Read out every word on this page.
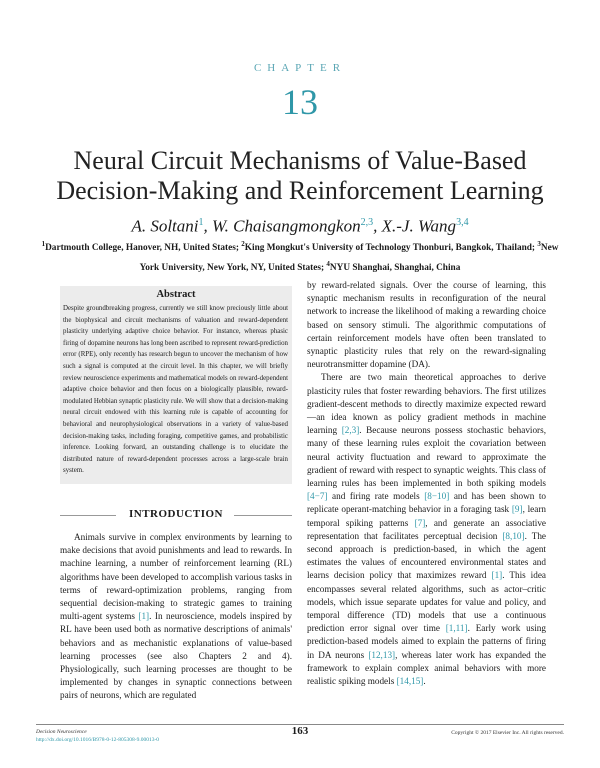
CHAPTER
13
Neural Circuit Mechanisms of Value-Based
Decision-Making and Reinforcement Learning
A. Soltani$^1$, W. Chaisangmongkon$^{2,3}$, X.-J. Wang$^{3,4}$
$^1$Dartmouth College, Hanover, NH, United States; $^2$King Mongkut's University of Technology Thonburi, Bangkok, Thailand; $^3$New York University, New York, NY, United States; $^4$NYU Shanghai, Shanghai, China
Abstract
Despite groundbreaking progress, currently we still know preciously little about the biophysical and circuit mechanisms of valuation and reward-dependent plasticity underlying adaptive choice behavior. For instance, whereas phasic firing of dopamine neurons has long been ascribed to represent reward-prediction error (RPE), only recently has research begun to uncover the mechanism of how such a signal is computed at the circuit level. In this chapter, we will briefly review neuroscience experiments and mathematical models on reward-dependent adaptive choice behavior and then focus on a biologically plausible, reward-modulated Hebbian synaptic plasticity rule. We will show that a decision-making neural circuit endowed with this learning rule is capable of accounting for behavioral and neurophysiological observations in a variety of value-based decision-making tasks, including foraging, competitive games, and probabilistic inference. Looking forward, an outstanding challenge is to elucidate the distributed nature of reward-dependent processes across a large-scale brain system.
INTRODUCTION
Animals survive in complex environments by learning to make decisions that avoid punishments and lead to rewards. In machine learning, a number of reinforcement learning (RL) algorithms have been developed to accomplish various tasks in terms of reward-optimization problems, ranging from sequential decision-making to strategic games to training multi-agent systems [1]. In neuroscience, models inspired by RL have been used both as normative descriptions of animals' behaviors and as mechanistic explanations of value-based learning processes (see also Chapters 2 and 4). Physiologically, such learning processes are thought to be implemented by changes in synaptic connections between pairs of neurons, which are regulated

by reward-related signals. Over the course of learning, this synaptic mechanism results in reconfiguration of the neural network to increase the likelihood of making a rewarding choice based on sensory stimuli. The algorithmic computations of certain reinforcement models have often been translated to synaptic plasticity rules that rely on the reward-signaling neurotransmitter dopamine (DA).

There are two main theoretical approaches to derive plasticity rules that foster rewarding behaviors. The first utilizes gradient-descent methods to directly maximize expected reward—an idea known as policy gradient methods in machine learning [2,3]. Because neurons possess stochastic behaviors, many of these learning rules exploit the covariation between neural activity fluctuation and reward to approximate the gradient of reward with respect to synaptic weights. This class of learning rules has been implemented in both spiking models [4−7] and firing rate models [8−10] and has been shown to replicate operant-matching behavior in a foraging task [9], learn temporal spiking patterns [7], and generate an associative representation that facilitates perceptual decision [8,10]. The second approach is prediction-based, in which the agent estimates the values of encountered environmental states and learns decision policy that maximizes reward [1]. This idea encompasses several related algorithms, such as actor–critic models, which issue separate updates for value and policy, and temporal difference (TD) models that use a continuous prediction error signal over time [1,11]. Early work using prediction-based models aimed to explain the patterns of firing in DA neurons [12,13], whereas later work has expanded the framework to explain complex animal behaviors with more realistic spiking models [14,15].

Decision Neuroscience
http://dx.doi.org/10.1016/B978-0-12-805308-9.00013-0
163	Copyright © 2017 Elsevier Inc. All rights reserved.
